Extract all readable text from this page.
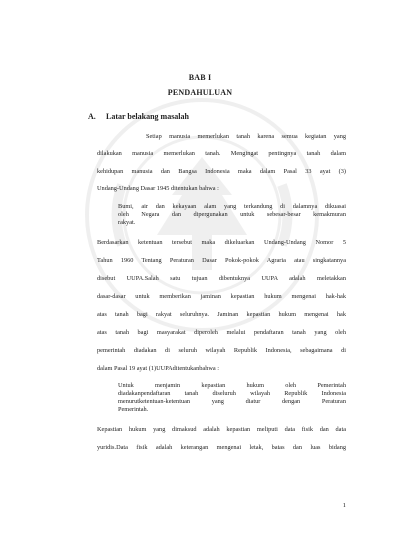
BAB I
PENDAHULUAN
A. Latar belakang masalah
Setiap manusia memerlukan tanah karena semua kegiatan yang
dilakukan manusia memerlukan tanah. Mengingat pentingnya tanah dalam
kehidupan manusia dan Bangsa Indonesia maka dalam Pasal 33 ayat (3)
Undang-Undang Dasar 1945 ditentukan bahwa :
Bumi, air dan kekayaan alam yang terkandung di dalamnya dikuasai
oleh Negara dan dipergunakan untuk sebesar-besar kemakmuran
rakyat.
Berdasarkan ketentuan tersebut maka dikeluarkan Undang-Undang Nomor 5
Tahun 1960 Tentang Peraturan Dasar Pokok-pokok Agraria atau singkatannya
disebut UUPA.Salah satu tujuan dibentuknya UUPA adalah meletakkan
dasar-dasar untuk memberikan jaminan kepastian hukum mengenai hak-hak
atas tanah bagi rakyat seluruhnya. Jaminan kepastian hukum mengenai hak
atas tanah bagi masyarakat diperoleh melalui pendaftaran tanah yang oleh
pemerintah diadakan di seluruh wilayah Republik Indonesia, sebagaimana di
dalam Pasal 19 ayat (1)UUPAditentukanbahwa :
Untuk menjamin kepastian hukum oleh Pemerintah
diadakanpendaftaran tanah diseluruh wilayah Republik Indonesia
menurutketentuan-ketentuan yang diatur dengan Peraturan
Pemerintah.
Kepastian hukum yang dimaksud adalah kepastian meliputi data fisik dan data
yuridis.Data fisik adalah keterangan mengenai letak, batas dan luas bidang
1
